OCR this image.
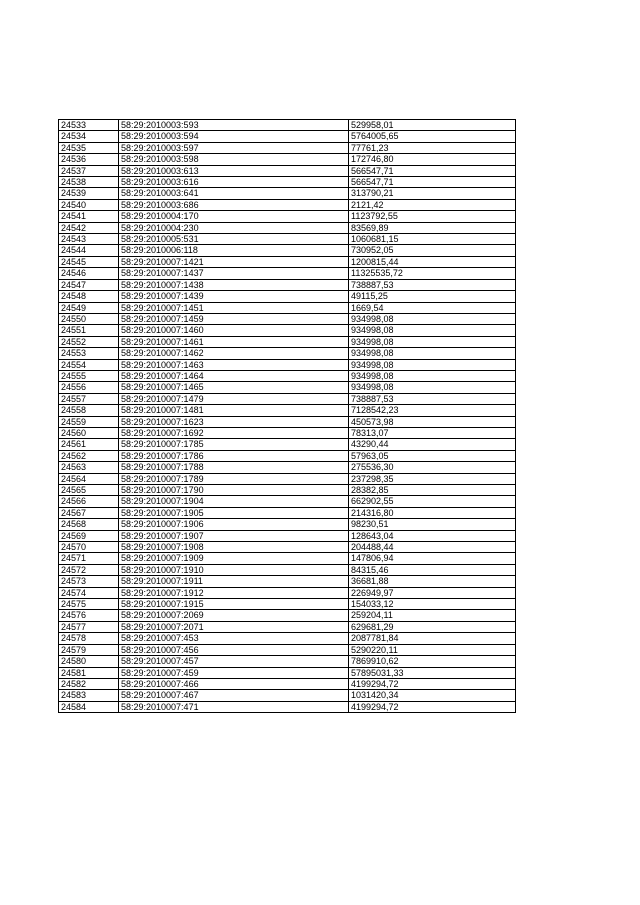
24533	58:29:2010003:593	529958,01
24534	58:29:2010003:594	5764005,65
24535	58:29:2010003:597	77761,23
24536	58:29:2010003:598	172746,80
24537	58:29:2010003:613	566547,71
24538	58:29:2010003:616	566547,71
24539	58:29:2010003:641	313790,21
24540	58:29:2010003:686	2121,42
24541	58:29:2010004:170	1123792,55
24542	58:29:2010004:230	83569,89
24543	58:29:2010005:531	1060681,15
24544	58:29:2010006:118	730952,05
24545	58:29:2010007:1421	1200815,44
24546	58:29:2010007:1437	11325535,72
24547	58:29:2010007:1438	738887,53
24548	58:29:2010007:1439	49115,25
24549	58:29:2010007:1451	1669,54
24550	58:29:2010007:1459	934998,08
24551	58:29:2010007:1460	934998,08
24552	58:29:2010007:1461	934998,08
24553	58:29:2010007:1462	934998,08
24554	58:29:2010007:1463	934998,08
24555	58:29:2010007:1464	934998,08
24556	58:29:2010007:1465	934998,08
24557	58:29:2010007:1479	738887,53
24558	58:29:2010007:1481	7128542,23
24559	58:29:2010007:1623	450573,98
24560	58:29:2010007:1692	78313,07
24561	58:29:2010007:1785	43290,44
24562	58:29:2010007:1786	57963,05
24563	58:29:2010007:1788	275536,30
24564	58:29:2010007:1789	237298,35
24565	58:29:2010007:1790	28382,85
24566	58:29:2010007:1904	662902,55
24567	58:29:2010007:1905	214316,80
24568	58:29:2010007:1906	98230,51
24569	58:29:2010007:1907	128643,04
24570	58:29:2010007:1908	204488,44
24571	58:29:2010007:1909	147806,94
24572	58:29:2010007:1910	84315,46
24573	58:29:2010007:1911	36681,88
24574	58:29:2010007:1912	226949,97
24575	58:29:2010007:1915	154033,12
24576	58:29:2010007:2069	259204,11
24577	58:29:2010007:2071	629681,29
24578	58:29:2010007:453	2087781,84
24579	58:29:2010007:456	5290220,11
24580	58:29:2010007:457	7869910,62
24581	58:29:2010007:459	57895031,33
24582	58:29:2010007:466	4199294,72
24583	58:29:2010007:467	1031420,34
24584	58:29:2010007:471	4199294,72
